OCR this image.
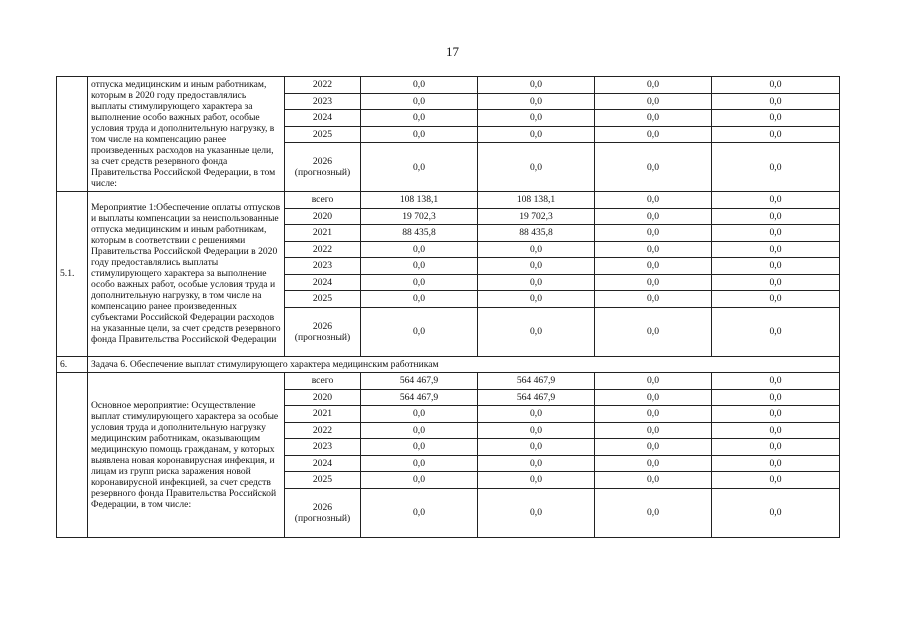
17
	отпуска медицинским и иным работникам, которым в 2020 году предоставлялись выплаты стимулирующего характера за выполнение особо важных работ, особые условия труда и дополнительную нагрузку, в том числе на компенсацию ранее произведенных расходов на указанные цели, за счет средств резервного фонда Правительства Российской Федерации, в том числе:	2022	0,0	0,0	0,0	0,0
		2023	0,0	0,0	0,0	0,0
		2024	0,0	0,0	0,0	0,0
		2025	0,0	0,0	0,0	0,0
		2026
(прогнозный)	0,0	0,0	0,0	0,0
5.1.	Мероприятие 1:Обеспечение оплаты отпусков и выплаты компенсации за неиспользованные отпуска медицинским и иным работникам, которым в соответствии с решениями Правительства Российской Федерации в 2020 году предоставлялись выплаты стимулирующего характера за выполнение особо важных работ, особые условия труда и дополнительную нагрузку, в том числе на компенсацию ранее произведенных субъектами Российской Федерации расходов на указанные цели, за счет средств резервного фонда Правительства Российской Федерации	всего	108 138,1	108 138,1	0,0	0,0
		2020	19 702,3	19 702,3	0,0	0,0
		2021	88 435,8	88 435,8	0,0	0,0
		2022	0,0	0,0	0,0	0,0
		2023	0,0	0,0	0,0	0,0
		2024	0,0	0,0	0,0	0,0
		2025	0,0	0,0	0,0	0,0
		2026
(прогнозный)	0,0	0,0	0,0	0,0
6.	Задача 6. Обеспечение выплат стимулирующего характера медицинским работникам					
	Основное мероприятие: Осуществление выплат стимулирующего характера за особые условия труда и дополнительную нагрузку медицинским работникам, оказывающим медицинскую помощь гражданам, у которых выявлена новая коронавирусная инфекция, и лицам из групп риска заражения новой коронавирусной инфекцией, за счет средств резервного фонда Правительства Российской Федерации, в том числе:	всего	564 467,9	564 467,9	0,0	0,0
		2020	564 467,9	564 467,9	0,0	0,0
		2021	0,0	0,0	0,0	0,0
		2022	0,0	0,0	0,0	0,0
		2023	0,0	0,0	0,0	0,0
		2024	0,0	0,0	0,0	0,0
		2025	0,0	0,0	0,0	0,0
		2026
(прогнозный)	0,0	0,0	0,0	0,0
